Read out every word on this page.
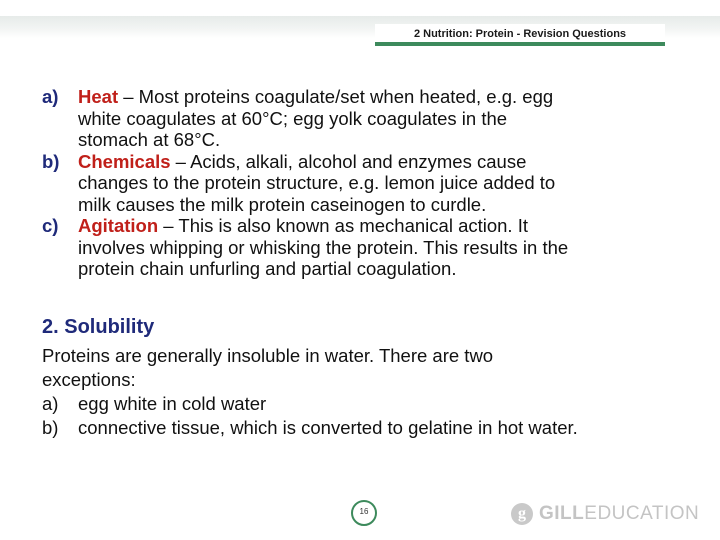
2 Nutrition: Protein - Revision Questions
a) Heat – Most proteins coagulate/set when heated, e.g. egg
white coagulates at 60°C; egg yolk coagulates in the
stomach at 68°C.
b) Chemicals – Acids, alkali, alcohol and enzymes cause
changes to the protein structure, e.g. lemon juice added to
milk causes the milk protein caseinogen to curdle.
c) Agitation – This is also known as mechanical action. It
involves whipping or whisking the protein. This results in the
protein chain unfurling and partial coagulation.
2. Solubility
Proteins are generally insoluble in water. There are two
exceptions:
a) egg white in cold water
b) connective tissue, which is converted to gelatine in hot water.
16	g GILLEDUCATION
